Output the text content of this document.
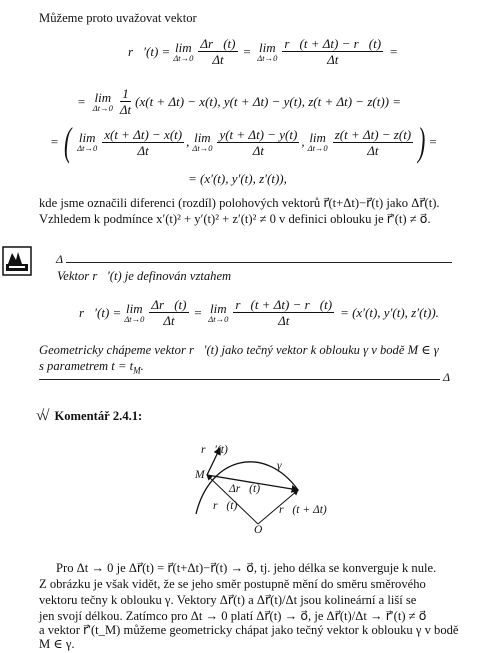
Můžeme proto uvažovat vektor
r⃗′(t) = lim
$\Delta t\to 0 \frac{\Delta r⃗(t)}{\Delta t} = \lim$
$\Delta t\to 0 \frac{r⃗(t + \Delta t) - r⃗(t)}{\Delta t}$ =
= lim
$\Delta t\to 0 \frac{1}{\Delta t} (x(t + \Delta t) - x(t)$, y(t + Δt) − y(t), z(t + Δt) − z(t)) =
= ( lim
$\Delta t\to 0 \frac{x(t + \Delta t) - x(t)}{\Delta t}$ , lim
$\Delta t\to 0 \frac{y(t + \Delta t) - y(t)}{\Delta t}$ , lim
$\Delta t\to 0 \frac{z(t + \Delta t) - z(t)}{\Delta t}$ ) =
= (x′(t), y′(t), z′(t)),
kde jsme označili diferenci (rozdíl) polohových vektorů r⃗(t+Δt)−r⃗(t) jako Δr⃗(t).
Vzhledem k podmínce x′(t)² + y′(t)² + z′(t)² ≠ 0 v definici oblouku je r⃗′(t) ≠ o⃗.
Δ
Vektor r⃗′(t) je definován vztahem
r⃗′(t) = lim
$\Delta t\to 0 \frac{\Delta r⃗(t)}{\Delta t} = \lim$
$\Delta t\to 0 \frac{r⃗(t + \Delta t) - r⃗(t)}{\Delta t} = (x'(t)$, y′(t), z′(t)).
Geometricky chápeme vektor r⃗′(t) jako tečný vektor k oblouku γ v bodě M ∈ γ
s parametrem $t = t_M$.
Δ
√√ Komentář 2.4.1:
r⃗′(t)
M
γ
Δr⃗(t)
r⃗(t)	r⃗(t + Δt)
O
Pro Δt → 0 je Δr⃗(t) = r⃗(t+Δt)−r⃗(t) → o⃗, tj. jeho délka se konverguje k nule.
Z obrázku je však vidět, že se jeho směr postupně mění do směru směrového
vektoru tečny k oblouku γ. Vektory Δr⃗(t) a Δr⃗(t)/Δt jsou kolineární a liší se
jen svojí délkou. Zatímco pro Δt → 0 platí Δr⃗(t) → o⃗, je Δr⃗(t)/Δt → r⃗′(t) ≠ o⃗
a vektor r⃗′(t_M) můžeme geometricky chápat jako tečný vektor k oblouku γ v bodě
M ∈ γ.
